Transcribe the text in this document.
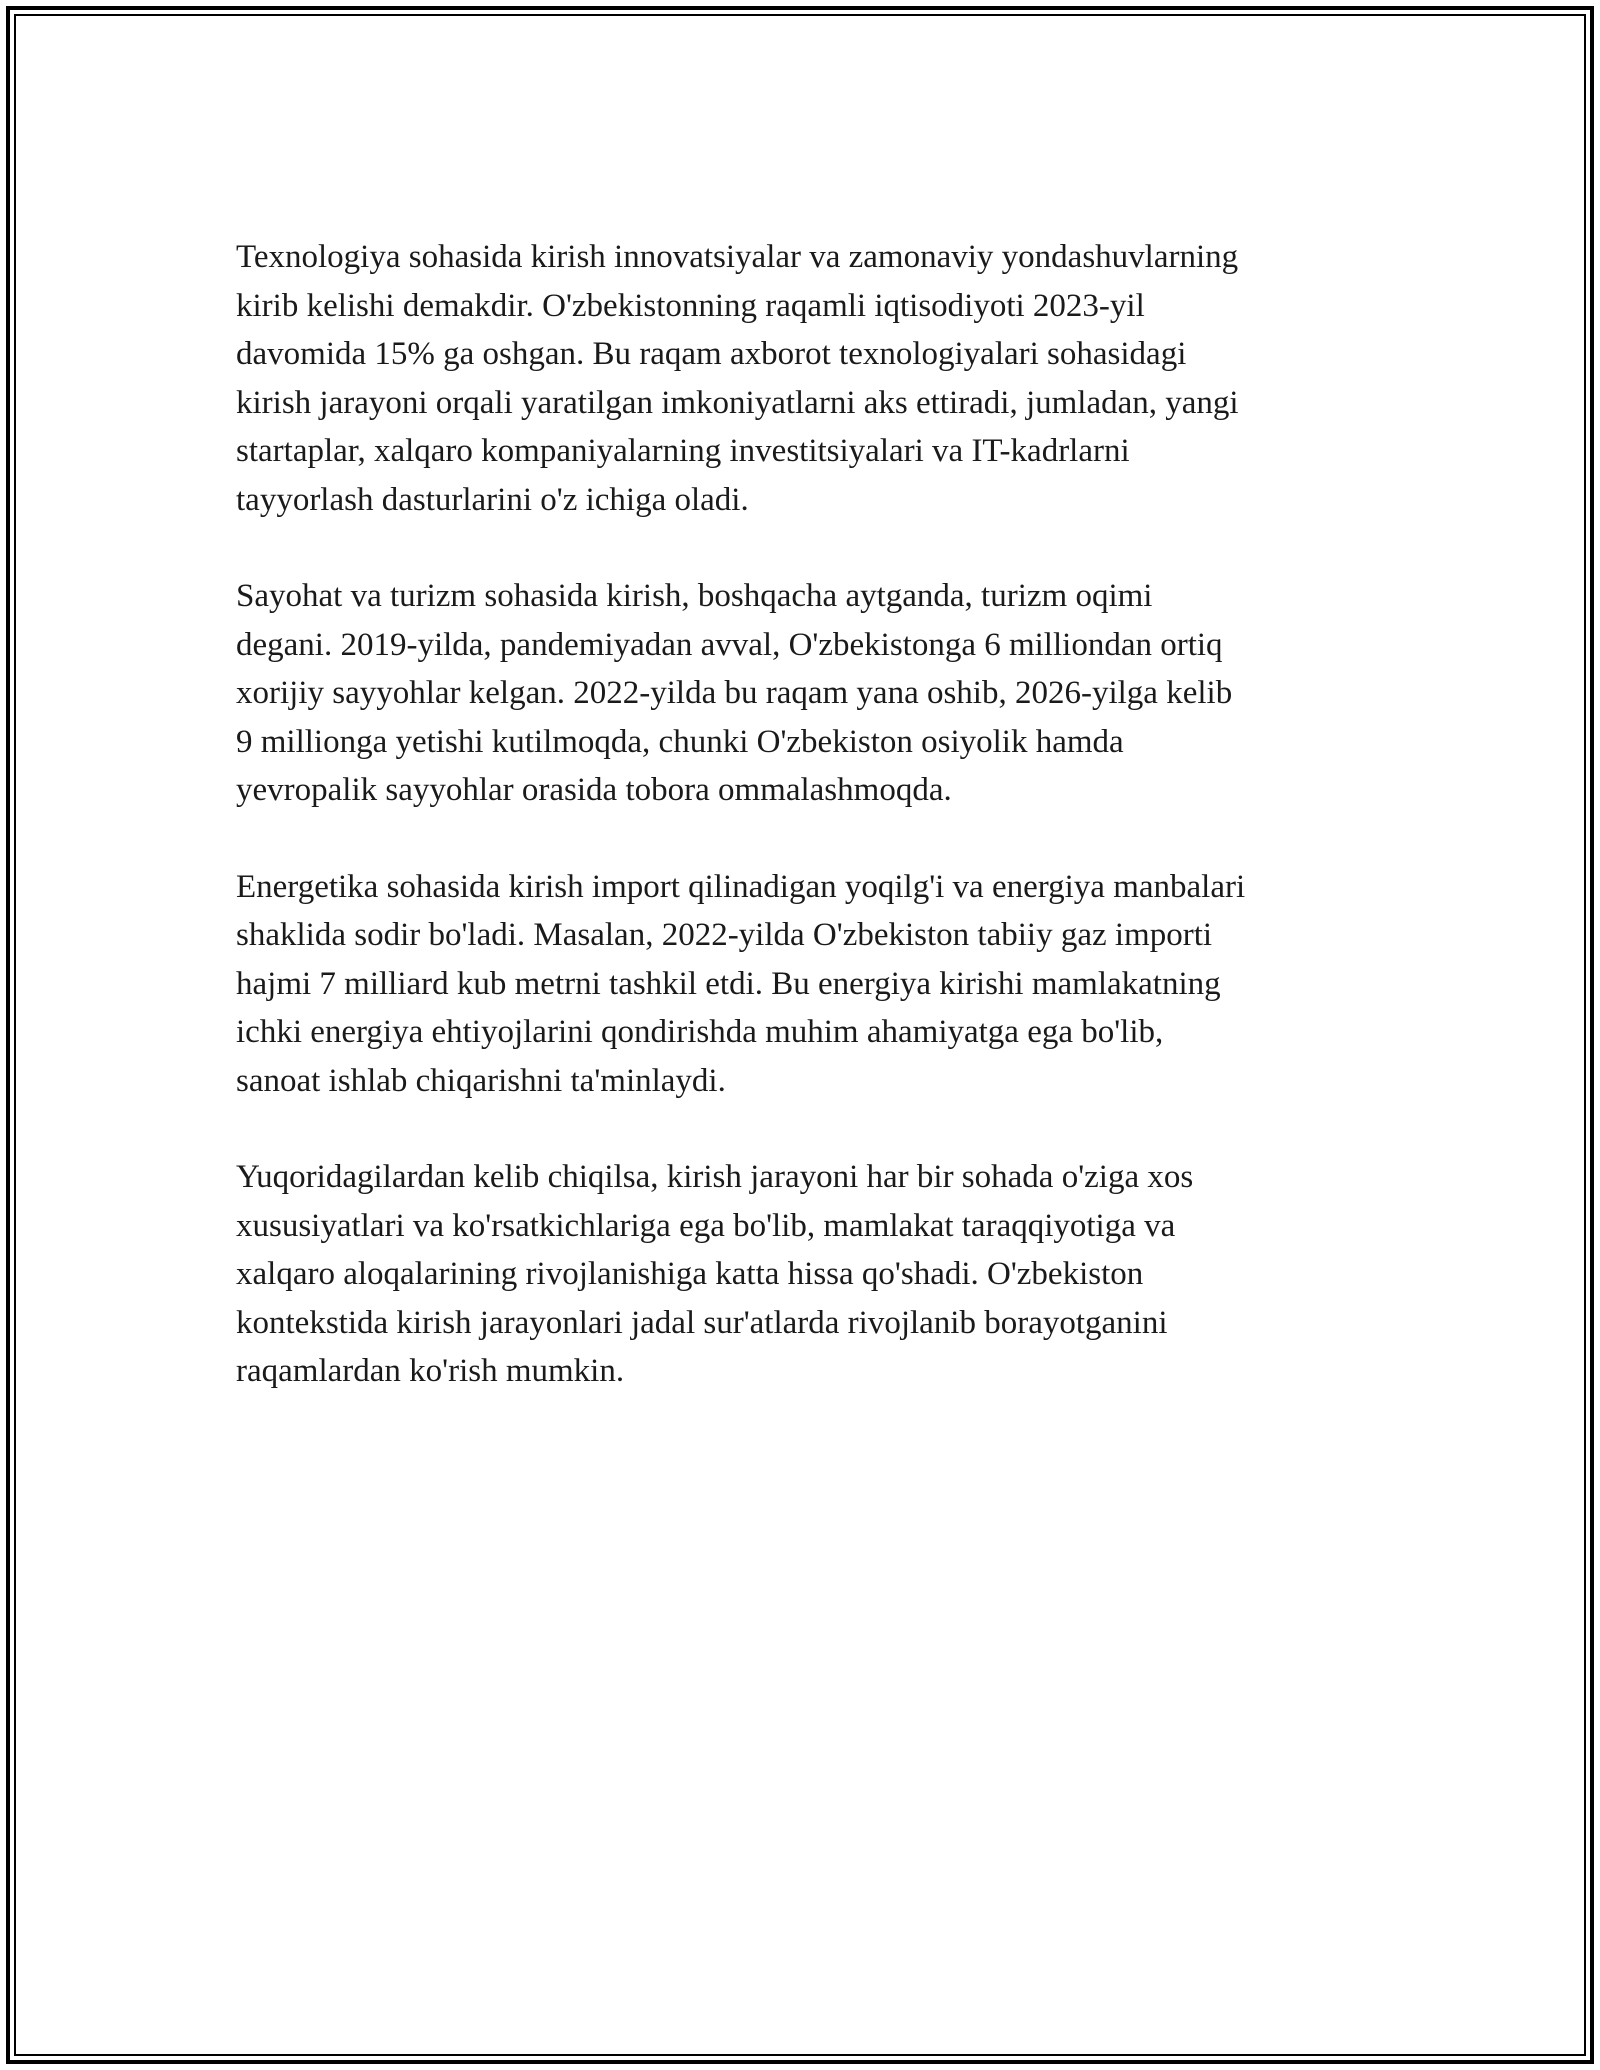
Texnologiya sohasida kirish innovatsiyalar va zamonaviy yondashuvlarning
kirib kelishi demakdir. O'zbekistonning raqamli iqtisodiyoti 2023-yil
davomida 15% ga oshgan. Bu raqam axborot texnologiyalari sohasidagi
kirish jarayoni orqali yaratilgan imkoniyatlarni aks ettiradi, jumladan, yangi
startaplar, xalqaro kompaniyalarning investitsiyalari va IT-kadrlarni
tayyorlash dasturlarini o'z ichiga oladi.

Sayohat va turizm sohasida kirish, boshqacha aytganda, turizm oqimi
degani. 2019-yilda, pandemiyadan avval, O'zbekistonga 6 milliondan ortiq
xorijiy sayyohlar kelgan. 2022-yilda bu raqam yana oshib, 2026-yilga kelib
9 millionga yetishi kutilmoqda, chunki O'zbekiston osiyolik hamda
yevropalik sayyohlar orasida tobora ommalashmoqda.

Energetika sohasida kirish import qilinadigan yoqilg'i va energiya manbalari
shaklida sodir bo'ladi. Masalan, 2022-yilda O'zbekiston tabiiy gaz importi
hajmi 7 milliard kub metrni tashkil etdi. Bu energiya kirishi mamlakatning
ichki energiya ehtiyojlarini qondirishda muhim ahamiyatga ega bo'lib,
sanoat ishlab chiqarishni ta'minlaydi.

Yuqoridagilardan kelib chiqilsa, kirish jarayoni har bir sohada o'ziga xos
xususiyatlari va ko'rsatkichlariga ega bo'lib, mamlakat taraqqiyotiga va
xalqaro aloqalarining rivojlanishiga katta hissa qo'shadi. O'zbekiston
kontekstida kirish jarayonlari jadal sur'atlarda rivojlanib borayotganini
raqamlardan ko'rish mumkin.
